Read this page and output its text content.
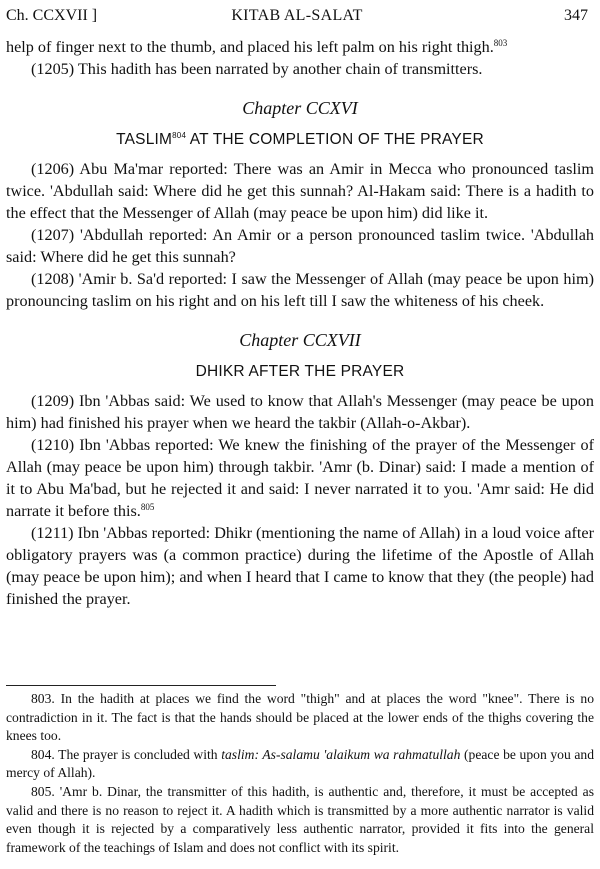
Ch. CCXVII ]	KITAB AL-SALAT	347

help of finger next to the thumb, and placed his left palm on his right thigh.$^{803}$

(1205) This hadith has been narrated by another chain of transmitters.

Chapter CCXVI
TASLIM$^{804}$ AT THE COMPLETION OF THE PRAYER

(1206) Abu Ma'mar reported: There was an Amir in Mecca who pronounced taslim twice. 'Abdullah said: Where did he get this sunnah? Al-Hakam said: There is a hadith to the effect that the Messenger of Allah (may peace be upon him) did like it.

(1207) 'Abdullah reported: An Amir or a person pronounced taslim twice. 'Abdullah said: Where did he get this sunnah?

(1208) 'Amir b. Sa'd reported: I saw the Messenger of Allah (may peace be upon him) pronouncing taslim on his right and on his left till I saw the whiteness of his cheek.

Chapter CCXVII
DHIKR AFTER THE PRAYER

(1209) Ibn 'Abbas said: We used to know that Allah's Messenger (may peace be upon him) had finished his prayer when we heard the takbir (Allah-o-Akbar).

(1210) Ibn 'Abbas reported: We knew the finishing of the prayer of the Messenger of Allah (may peace be upon him) through takbir. 'Amr (b. Dinar) said: I made a mention of it to Abu Ma'bad, but he rejected it and said: I never narrated it to you. 'Amr said: He did narrate it before this.$^{805}$

(1211) Ibn 'Abbas reported: Dhikr (mentioning the name of Allah) in a loud voice after obligatory prayers was (a common practice) during the lifetime of the Apostle of Allah (may peace be upon him); and when I heard that I came to know that they (the people) had finished the prayer.

803. In the hadith at places we find the word "thigh" and at places the word "knee". There is no contradiction in it. The fact is that the hands should be placed at the lower ends of the thighs covering the knees too.

804. The prayer is concluded with taslim: As-salamu 'alaikum wa rahmatullah (peace be upon you and mercy of Allah).

805. 'Amr b. Dinar, the transmitter of this hadith, is authentic and, therefore, it must be accepted as valid and there is no reason to reject it. A hadith which is transmitted by a more authentic narrator is valid even though it is rejected by a comparatively less authentic narrator, provided it fits into the general framework of the teachings of Islam and does not conflict with its spirit.
